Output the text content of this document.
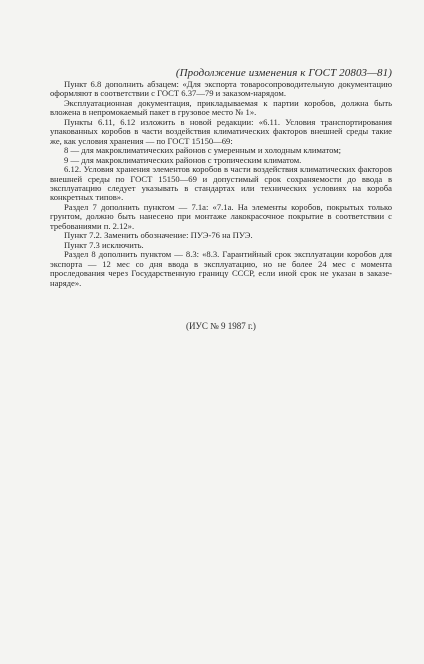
(Продолжение изменения к ГОСТ 20803—81)

Пункт 6.8 дополнить абзацем: «Для экспорта товаросопроводительную документацию оформляют в соответствии с ГОСТ 6.37—79 и заказом-нарядом.

Эксплуатационная документация, прикладываемая к партии коробов, должна быть вложена в непромокаемый пакет в грузовое место № 1».

Пункты 6.11, 6.12 изложить в новой редакции: «6.11. Условия транспортирования упакованных коробов в части воздействия климатических факторов внешней среды такие же, как условия хранения — по ГОСТ 15150—69:

8 — для макроклиматических районов с умеренным и холодным климатом;

9 — для макроклиматических районов с тропическим климатом.

6.12. Условия хранения элементов коробов в части воздействия климатических факторов внешней среды по ГОСТ 15150—69 и допустимый срок сохраняемости до ввода в эксплуатацию следует указывать в стандартах или технических условиях на короба конкретных типов».

Раздел 7 дополнить пунктом — 7.1а: «7.1а. На элементы коробов, покрытых только грунтом, должно быть нанесено при монтаже лакокрасочное покрытие в соответствии с требованиями п. 2.12».

Пункт 7.2. Заменить обозначение: ПУЭ-76 на ПУЭ.

Пункт 7.3 исключить.

Раздел 8 дополнить пунктом — 8.3: «8.3. Гарантийный срок эксплуатации коробов для экспорта — 12 мес со дня ввода в эксплуатацию, но не более 24 мес с момента проследования через Государственную границу СССР, если иной срок не указан в заказе-наряде».

(ИУС № 9 1987 г.)
